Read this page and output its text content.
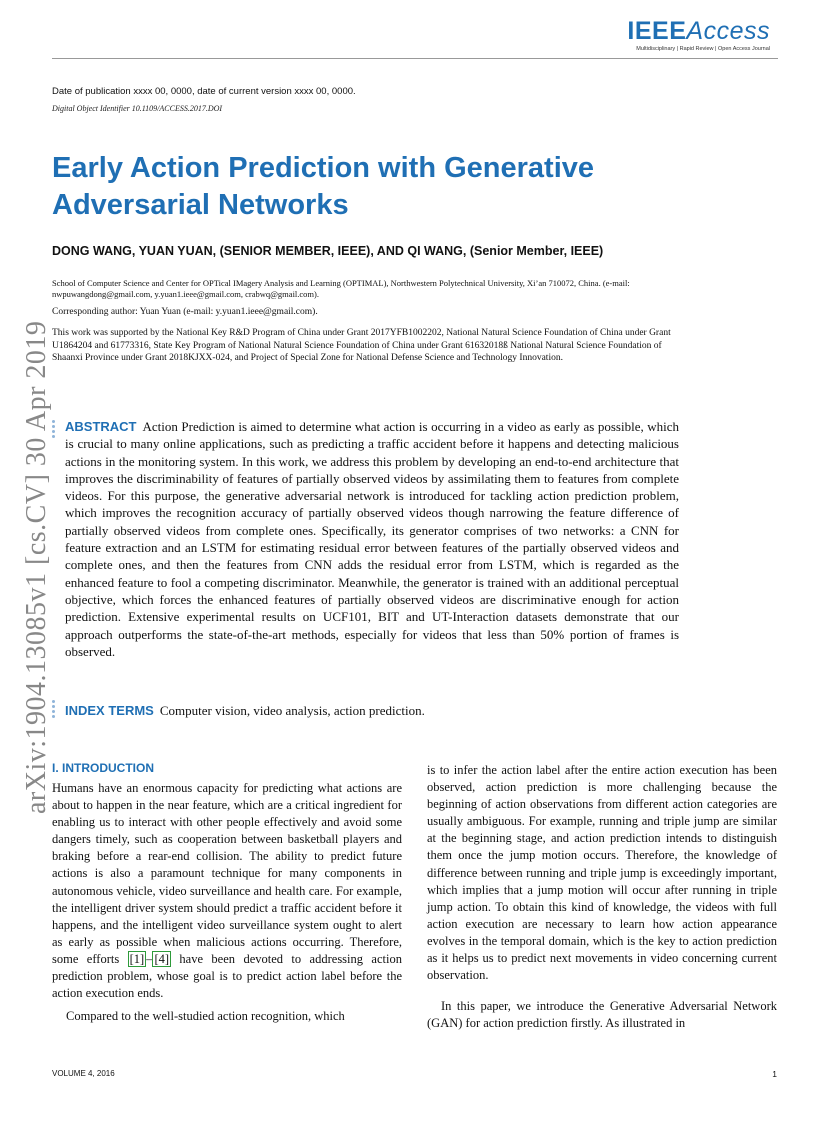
IEEEAccess
Multidisciplinary | Rapid Review | Open Access Journal
Date of publication xxxx 00, 0000, date of current version xxxx 00, 0000.
Digital Object Identifier 10.1109/ACCESS.2017.DOI
Early Action Prediction with Generative Adversarial Networks
DONG WANG, YUAN YUAN, (SENIOR MEMBER, IEEE), AND QI WANG, (Senior Member, IEEE)
School of Computer Science and Center for OPTical IMagery Analysis and Learning (OPTIMAL), Northwestern Polytechnical University, Xi’an 710072, China. (e-mail: nwpuwangdong@gmail.com, y.yuan1.ieee@gmail.com, crabwq@gmail.com).
Corresponding author: Yuan Yuan (e-mail: y.yuan1.ieee@gmail.com).
This work was supported by the National Key R&D Program of China under Grant 2017YFB1002202, National Natural Science Foundation of China under Grant U1864204 and 61773316, State Key Program of National Natural Science Foundation of China under Grant 61632018ß National Natural Science Foundation of Shaanxi Province under Grant 2018KJXX-024, and Project of Special Zone for National Defense Science and Technology Innovation.
arXiv:1904.13085v1 [cs.CV] 30 Apr 2019 ABSTRACT Action Prediction is aimed to determine what action is occurring in a video as early as possible, which is crucial to many online applications, such as predicting a traffic accident before it happens and detecting malicious actions in the monitoring system. In this work, we address this problem by developing an end-to-end architecture that improves the discriminability of features of partially observed videos by assimilating them to features from complete videos. For this purpose, the generative adversarial network is introduced for tackling action prediction problem, which improves the recognition accuracy of partially observed videos though narrowing the feature difference of partially observed videos from complete ones. Specifically, its generator comprises of two networks: a CNN for feature extraction and an LSTM for estimating residual error between features of the partially observed videos and complete ones, and then the features from CNN adds the residual error from LSTM, which is regarded as the enhanced feature to fool a competing discriminator. Meanwhile, the generator is trained with an additional perceptual objective, which forces the enhanced features of partially observed videos are discriminative enough for action prediction. Extensive experimental results on UCF101, BIT and UT-Interaction datasets demonstrate that our approach outperforms the state-of-the-art methods, especially for videos that less than 50% portion of frames is observed.

INDEX TERMS Computer vision, video analysis, action prediction.
I. INTRODUCTION

Humans have an enormous capacity for predicting what actions are about to happen in the near feature, which are a critical ingredient for enabling us to interact with other people effectively and avoid some dangers timely, such as cooperation between basketball players and braking before a rear-end collision. The ability to predict future actions is also a paramount technique for many components in autonomous vehicle, video surveillance and health care. For example, the intelligent driver system should predict a traffic accident before it happens, and the intelligent video surveillance system ought to alert as early as possible when malicious actions occurring. Therefore, some efforts [1] – [4] have been devoted to addressing action prediction problem, whose goal is to predict action label before the action execution ends.

Compared to the well-studied action recognition, which

is to infer the action label after the entire action execution has been observed, action prediction is more challenging because the beginning of action observations from different action categories are usually ambiguous. For example, running and triple jump are similar at the beginning stage, and action prediction intends to distinguish them once the jump motion occurs. Therefore, the knowledge of difference between running and triple jump is exceedingly important, which implies that a jump motion will occur after running in triple jump action. To obtain this kind of knowledge, the videos with full action execution are necessary to learn how action appearance evolves in the temporal domain, which is the key to action prediction as it helps us to predict next movements in video concerning current observation.

In this paper, we introduce the Generative Adversarial Network (GAN) for action prediction firstly. As illustrated in

VOLUME 4, 2016	1
